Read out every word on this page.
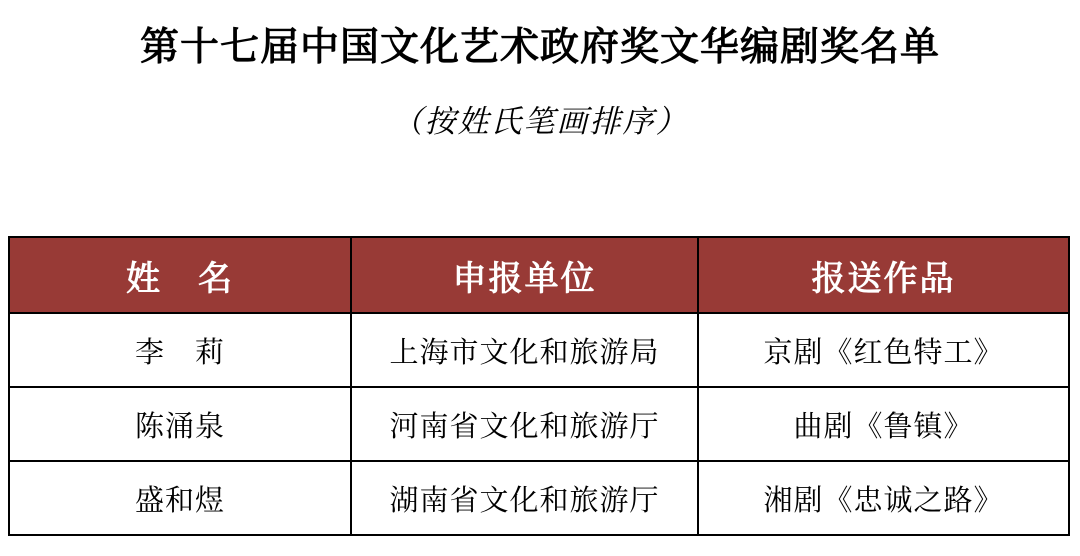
第十七届中国文化艺术政府奖文华编剧奖名单
（按姓氏笔画排序）
姓　名	申报单位	报送作品
李　莉	上海市文化和旅游局	京剧《红色特工》
陈涌泉	河南省文化和旅游厅	曲剧《鲁镇》
盛和煜	湖南省文化和旅游厅	湘剧《忠诚之路》
